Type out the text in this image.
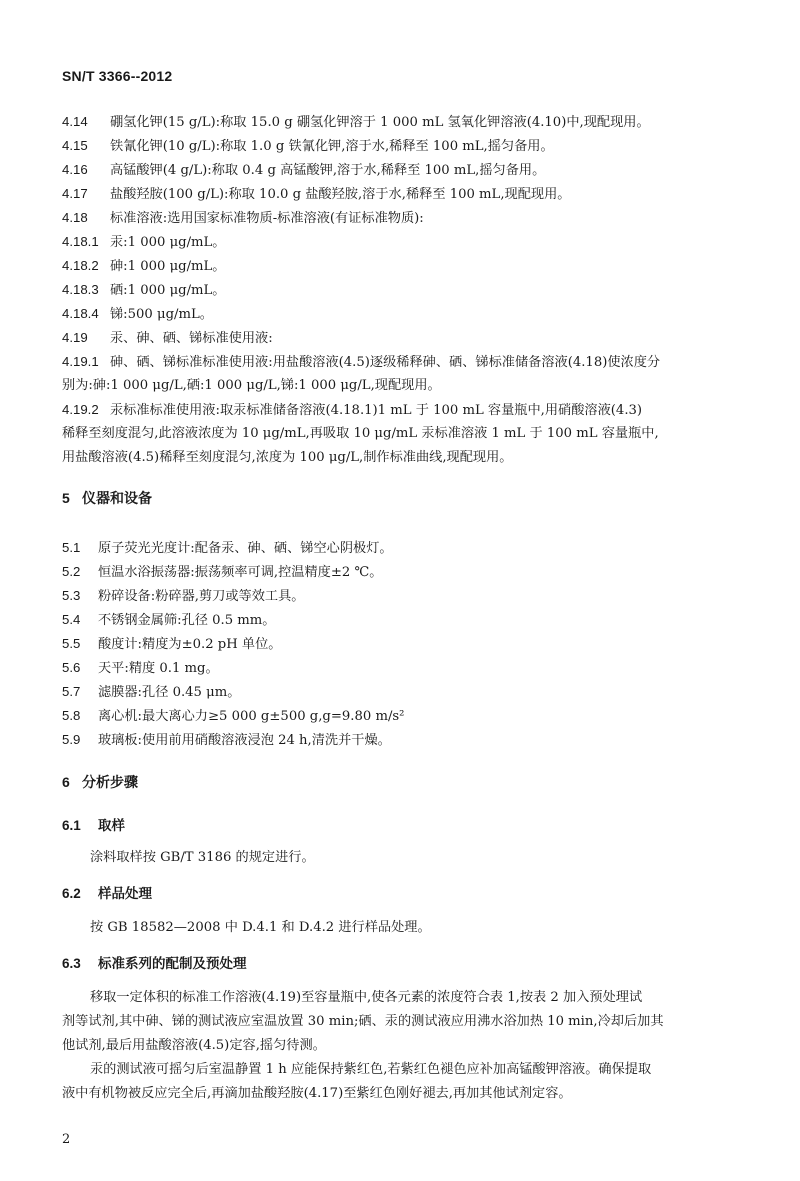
SN/T 3366--2012
4.14 硼氢化钾(15 g/L):称取 15.0 g 硼氢化钾溶于 1 000 mL 氢氧化钾溶液(4.10)中,现配现用。
4.15 铁氰化钾(10 g/L):称取 1.0 g 铁氰化钾,溶于水,稀释至 100 mL,摇匀备用。
4.16 高锰酸钾(4 g/L):称取 0.4 g 高锰酸钾,溶于水,稀释至 100 mL,摇匀备用。
4.17 盐酸羟胺(100 g/L):称取 10.0 g 盐酸羟胺,溶于水,稀释至 100 mL,现配现用。
4.18 标准溶液:选用国家标准物质-标准溶液(有证标准物质):
4.18.1 汞:1 000 μg/mL。
4.18.2 砷:1 000 μg/mL。
4.18.3 硒:1 000 μg/mL。
4.18.4 锑:500 μg/mL。
4.19 汞、砷、硒、锑标准使用液:
4.19.1 砷、硒、锑标准标准使用液:用盐酸溶液(4.5)逐级稀释砷、硒、锑标准储备溶液(4.18)使浓度分
别为:砷:1 000 μg/L,硒:1 000 μg/L,锑:1 000 μg/L,现配现用。
4.19.2 汞标准标准使用液:取汞标准储备溶液(4.18.1)1 mL 于 100 mL 容量瓶中,用硝酸溶液(4.3)
稀释至刻度混匀,此溶液浓度为 10 μg/mL,再吸取 10 μg/mL 汞标准溶液 1 mL 于 100 mL 容量瓶中,
用盐酸溶液(4.5)稀释至刻度混匀,浓度为 100 μg/L,制作标准曲线,现配现用。
5 仪器和设备
5.1 原子荧光光度计:配备汞、砷、硒、锑空心阴极灯。
5.2 恒温水浴振荡器:振荡频率可调,控温精度±2 ℃。
5.3 粉碎设备:粉碎器,剪刀或等效工具。
5.4 不锈钢金属筛:孔径 0.5 mm。
5.5 酸度计:精度为±0.2 pH 单位。
5.6 天平:精度 0.1 mg。
5.7 滤膜器:孔径 0.45 μm。
5.8 离心机:最大离心力≥5 000 g±500 g,g=9.80 m/s²
5.9 玻璃板:使用前用硝酸溶液浸泡 24 h,清洗并干燥。
6 分析步骤
6.1 取样
涂料取样按 GB/T 3186 的规定进行。
6.2 样品处理
按 GB 18582—2008 中 D.4.1 和 D.4.2 进行样品处理。
6.3 标准系列的配制及预处理
移取一定体积的标准工作溶液(4.19)至容量瓶中,使各元素的浓度符合表 1,按表 2 加入预处理试
剂等试剂,其中砷、锑的测试液应室温放置 30 min;硒、汞的测试液应用沸水浴加热 10 min,冷却后加其
他试剂,最后用盐酸溶液(4.5)定容,摇匀待测。
汞的测试液可摇匀后室温静置 1 h 应能保持紫红色,若紫红色褪色应补加高锰酸钾溶液。确保提取
液中有机物被反应完全后,再滴加盐酸羟胺(4.17)至紫红色刚好褪去,再加其他试剂定容。
2
